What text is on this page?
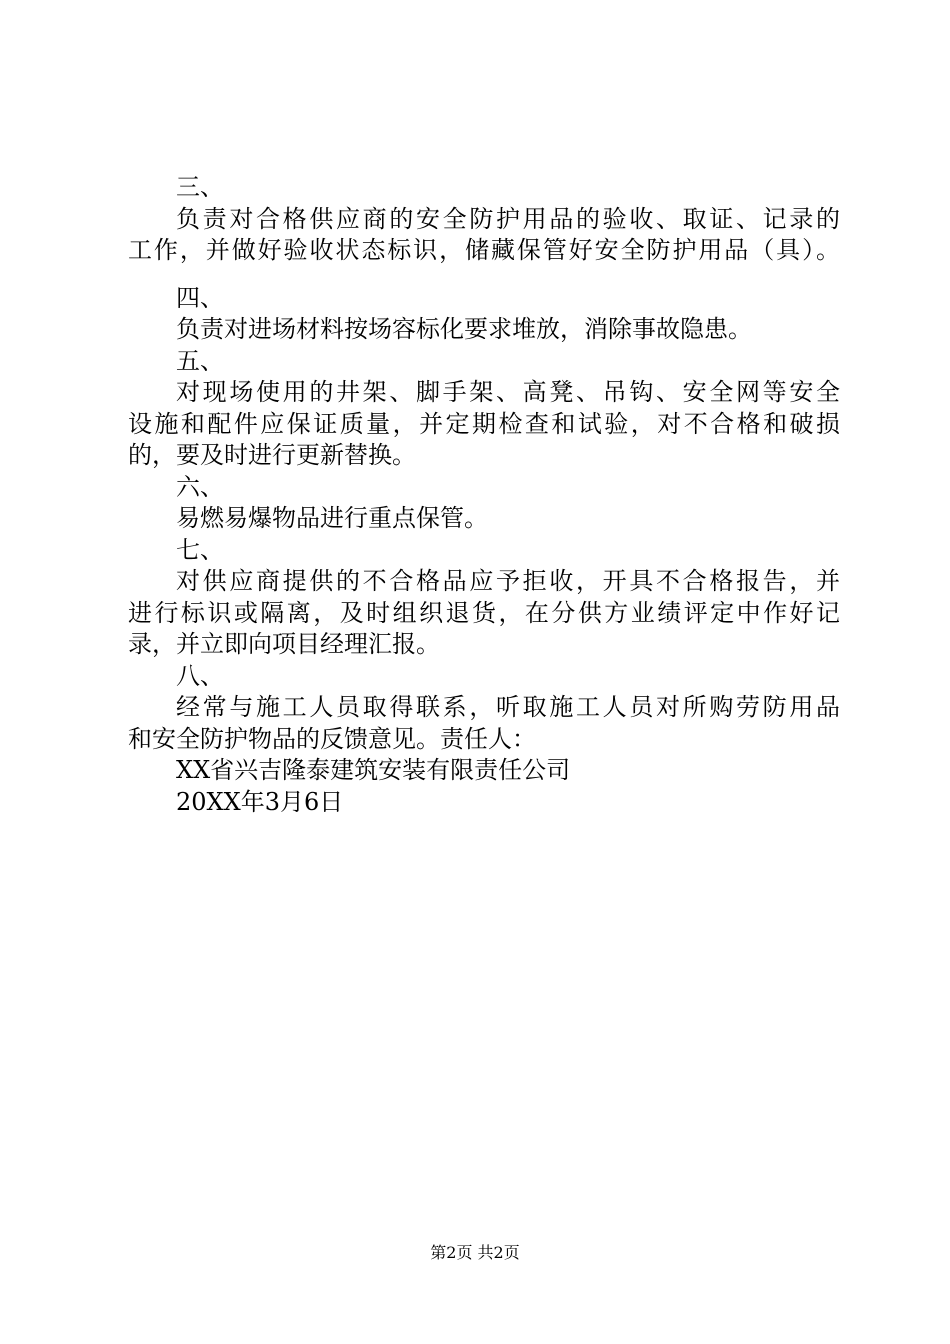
三、
负责对合格供应商的安全防护用品的验收、取证、记录的
工作，并做好验收状态标识，储藏保管好安全防护用品（具）。
四、
负责对进场材料按场容标化要求堆放，消除事故隐患。
五、
对现场使用的井架、脚手架、高凳、吊钩、安全网等安全
设施和配件应保证质量，并定期检查和试验，对不合格和破损
的，要及时进行更新替换。
六、
易燃易爆物品进行重点保管。
七、
对供应商提供的不合格品应予拒收，开具不合格报告，并
进行标识或隔离，及时组织退货，在分供方业绩评定中作好记
录，并立即向项目经理汇报。
八、
经常与施工人员取得联系，听取施工人员对所购劳防用品
和安全防护物品的反馈意见。责任人：
XX省兴吉隆泰建筑安装有限责任公司
20XX年3月6日
第2页 共2页
